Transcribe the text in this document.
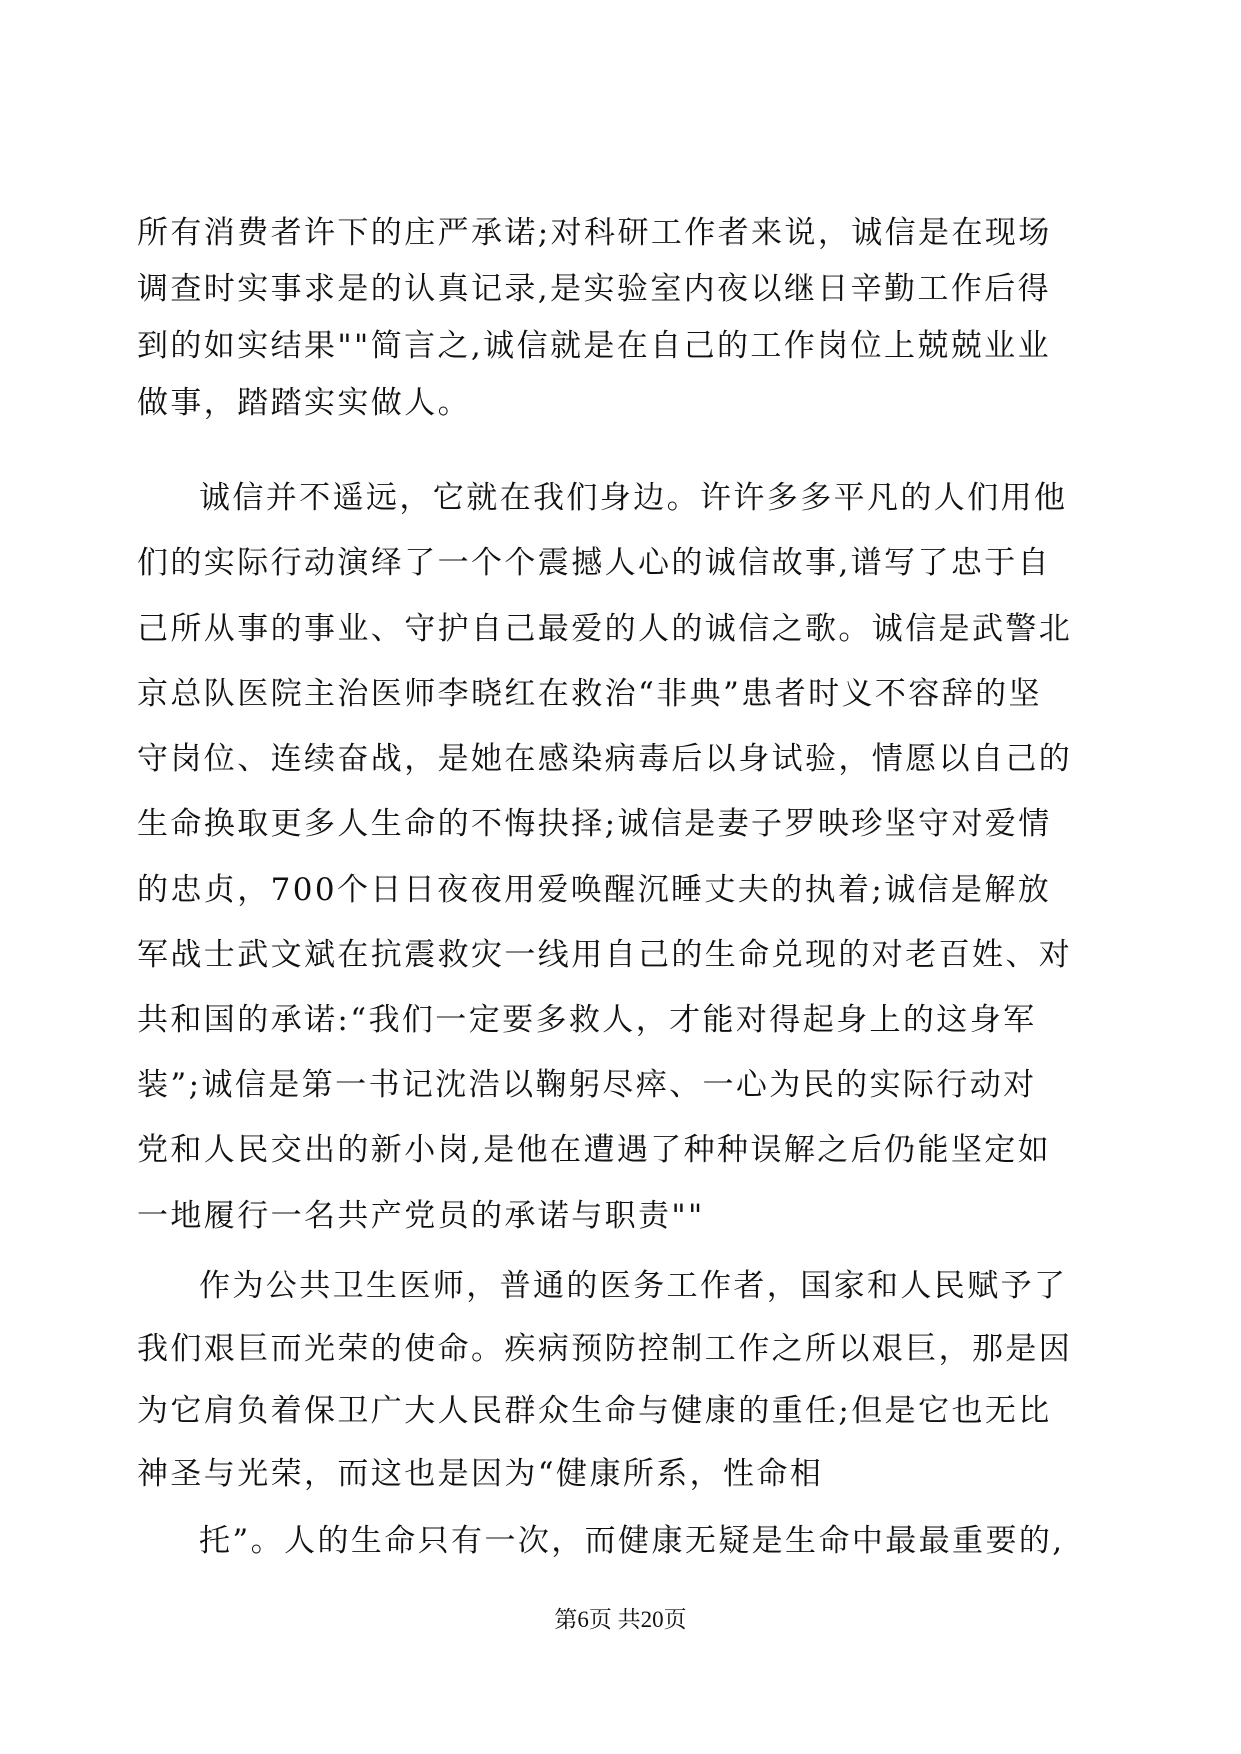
所有消费者许下的庄严承诺;对科研工作者来说，诚信是在现场
调查时实事求是的认真记录,是实验室内夜以继日辛勤工作后得
到的如实结果""简言之,诚信就是在自己的工作岗位上兢兢业业
做事，踏踏实实做人。
诚信并不遥远，它就在我们身边。许许多多平凡的人们用他
们的实际行动演绎了一个个震撼人心的诚信故事,谱写了忠于自
己所从事的事业、守护自己最爱的人的诚信之歌。诚信是武警北
京总队医院主治医师李晓红在救治“非典”患者时义不容辞的坚
守岗位、连续奋战，是她在感染病毒后以身试验，情愿以自己的
生命换取更多人生命的不悔抉择;诚信是妻子罗映珍坚守对爱情
的忠贞，700个日日夜夜用爱唤醒沉睡丈夫的执着;诚信是解放
军战士武文斌在抗震救灾一线用自己的生命兑现的对老百姓、对
共和国的承诺:“我们一定要多救人，才能对得起身上的这身军
装”;诚信是第一书记沈浩以鞠躬尽瘁、一心为民的实际行动对
党和人民交出的新小岗,是他在遭遇了种种误解之后仍能坚定如
一地履行一名共产党员的承诺与职责""
作为公共卫生医师，普通的医务工作者，国家和人民赋予了
我们艰巨而光荣的使命。疾病预防控制工作之所以艰巨，那是因
为它肩负着保卫广大人民群众生命与健康的重任;但是它也无比
神圣与光荣，而这也是因为“健康所系，性命相
托”。人的生命只有一次，而健康无疑是生命中最最重要的,
第6页 共20页
